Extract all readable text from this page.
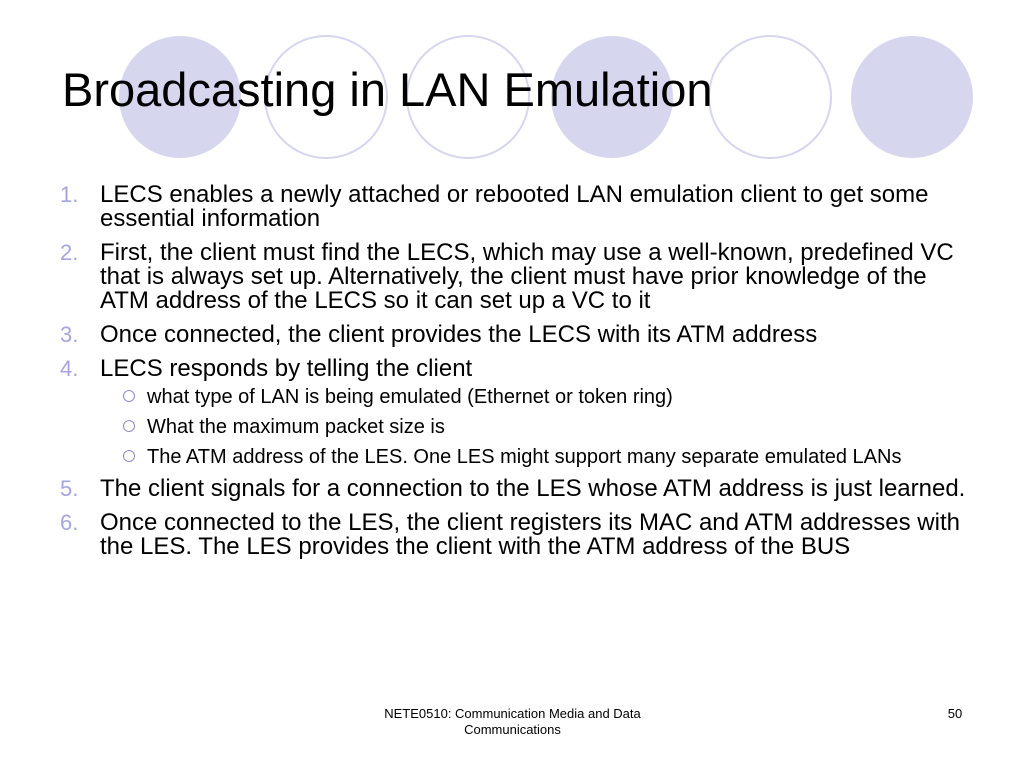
Broadcasting in LAN Emulation
1. LECS enables a newly attached or rebooted LAN emulation client to get some essential information
2. First, the client must find the LECS, which may use a well-known, predefined VC that is always set up. Alternatively, the client must have prior knowledge of the ATM address of the LECS so it can set up a VC to it
3. Once connected, the client provides the LECS with its ATM address
4. LECS responds by telling the client
what type of LAN is being emulated (Ethernet or token ring)
What the maximum packet size is
The ATM address of the LES. One LES might support many separate emulated LANs
5. The client signals for a connection to the LES whose ATM address is just learned.
6. Once connected to the LES, the client registers its MAC and ATM addresses with the LES. The LES provides the client with the ATM address of the BUS
NETE0510: Communication Media and Data Communications
50
